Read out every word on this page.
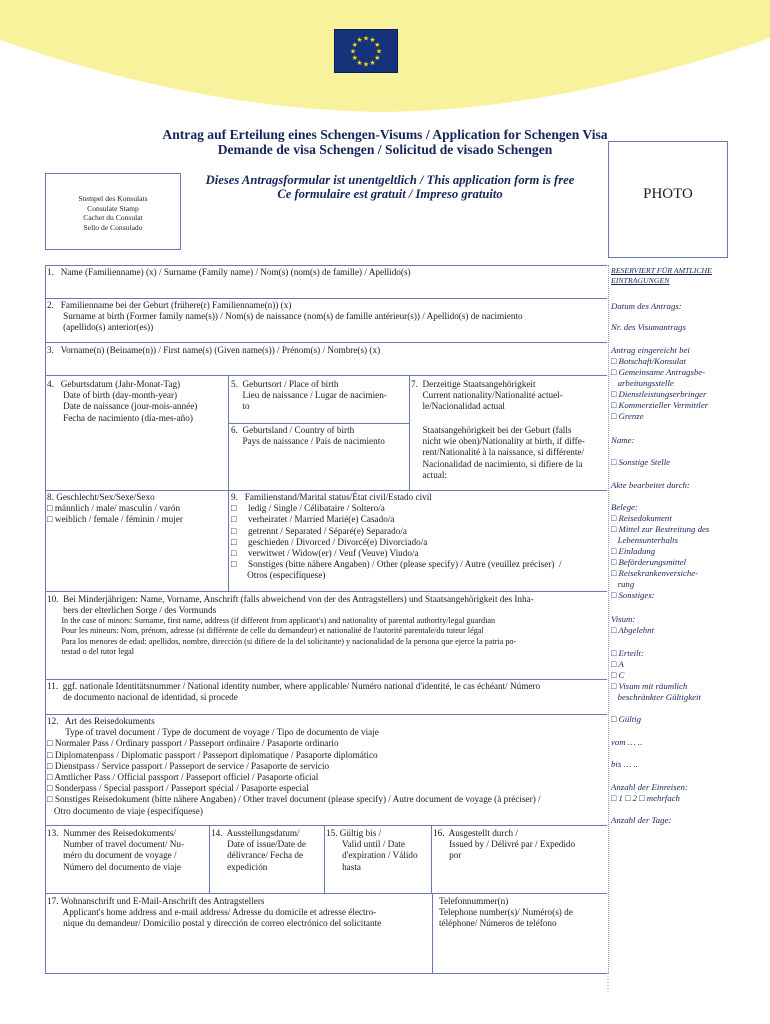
★ ★
★
★
★
★
★
★
★
★
★
★
Antrag auf Erteilung eines Schengen-Visums / Application for Schengen Visa
Demande de visa Schengen / Solicitud de visado Schengen
Dieses Antragsformular ist unentgeltlich / This application form is free
Ce formulaire est gratuit / Impreso gratuito
Stempel des Konsulats
Consulate Stamp
Cachet du Consulat
Sello de Consulado
PHOTO
1.   Name (Familienname) (x) / Surname (Family name) / Nom(s) (nom(s) de famille) / Apellido(s)
2.   Familienname bei der Geburt (frühere(r) Familienname(n)) (x)
Surname at birth (Former family name(s)) / Nom(s) de naissance (nom(s) de famille antérieur(s)) / Apellido(s) de nacimiento
(apellido(s) anterior(es))
3.   Vorname(n) (Beiname(n)) / First name(s) (Given name(s)) / Prénom(s) / Nombre(s) (x)
4.   Geburtsdatum (Jahr-Monat-Tag)
Date of birth (day-month-year)
Date de naissance (jour-mois-année)
Fecha de nacimiento (día-mes-año)
5.  Geburtsort / Place of birth
Lieu de naissance / Lugar de nacimien-
to
6.  Geburtsland / Country of birth
Pays de naissance / País de nacimiento
7.  Derzeitige Staatsangehörigkeit
Current nationality/Nationalité actuel-
le/Nacionalidad actual
Staatsangehörigkeit bei der Geburt (falls
nicht wie oben)/Nationality at birth, if diffe-
rent/Nationalité à la naissance, si différente/
Nacionalidad de nacimiento, si difiere de la
actual:
8. Geschlecht/Sex/Sexe/Sexo
□ männlich / male/ masculin / varón
□ weiblich / female / féminin / mujer
9.   Familienstand/Marital status/État civil/Estado civil
□     ledig / Single / Célibataire / Soltero/a
□     verheiratet / Married Marié(e) Casado/a
□     getrennt / Separated / Séparé(e) Separado/a
□     geschieden / Divorced / Divorcé(e) Divorciado/a
□     verwitwet / Widow(er) / Veuf (Veuve) Viudo/a
□     Sonstiges (bitte nähere Angaben) / Other (please specify) / Autre (veuillez préciser)  /
Otros (especifíquese)
10.  Bei Minderjährigen: Name, Vorname, Anschrift (falls abweichend von der des Antragstellers) und Staatsangehörigkeit des Inha-
bers der elterlichen Sorge / des Vormunds
In the case of minors: Surname, first name, address (if different from applicant's) and nationality of parental authority/legal guardian
Pour les mineurs: Nom, prénom, adresse (si différente de celle du demandeur) et nationalité de l'autorité parentale/du tuteur légal
Para los menores de edad: apellidos, nombre, dirección (si difiere de la del solicitante) y nacionalidad de la persona que ejerce la patria po-
testad o del tutor legal
11.  ggf. nationale Identitätsnummer / National identity number, where applicable/ Numéro national d'identité, le cas échéant/ Número
de documento nacional de identidad, si procede
12.   Art des Reisedokuments
Type of travel document / Type de document de voyage / Tipo de documento de viaje
□ Normaler Pass / Ordinary passport / Passeport ordinaire / Pasaporte ordinario
□ Diplomatenpass / Diplomatic passport / Passeport diplomatique / Pasaporte diplomático
□ Dienstpass / Service passport / Passeport de service / Pasaporte de servicio
□ Amtlicher Pass / Official passport / Passeport officiel / Pasaporte oficial
□ Sonderpass / Special passport / Passeport spécial / Pasaporte especial
□ Sonstiges Reisedokument (bitte nähere Angaben) / Other travel document (please specify) / Autre document de voyage (à préciser) /
Otro documento de viaje (especifíquese)
13.  Nummer des Reisedokuments/
Number of travel document/ Nu-
méro du document de voyage /
Número del documento de viaje
14.  Ausstellungsdatum/
Date of issue/Date de
délivrance/ Fecha de
expedición
15. Gültig bis /
Valid until / Date
d'expiration / Válido
hasta
16.  Ausgestellt durch /
Issued by / Délivré par / Expedido
por
17. Wohnanschrift und E-Mail-Anschrift des Antragstellers
Applicant's home address and e-mail address/ Adresse du domicile et adresse électro-
nique du demandeur/ Domicilio postal y dirección de correo electrónico del solicitante
Telefonnummer(n)
Telephone number(s)/ Numéro(s) de
téléphone/ Números de teléfono
RESERVIERT FÜR AMTLICHE
EINTRAGUNGEN
Datum des Antrags:
Nr. des Visumantrags
Antrag eingereicht bei
□ Botschaft/Konsulat
□ Gemeinsame Antragsbe-
arbeitungsstelle
□ Dienstleistungserbringer
□ Kommerzieller Vermittler
□ Grenze
Name:
□ Sonstige Stelle
Akte bearbeitet durch:
Belege:
□ Reisedokument
□ Mittel zur Bestreitung des
Lebensunterhalts
□ Einladung
□ Beförderungsmittel
□ Reisekrankenversiche-
rung
□ Sonstiges:
Visum:
□ Abgelehnt
□ Erteilt:
□ A
□ C
□ Visum mit räumlich
beschränkter Gültigkeit
□ Gültig
vom … ..
bis … ..
Anzahl der Einreisen:
□ 1 □ 2 □ mehrfach
Anzahl der Tage:
